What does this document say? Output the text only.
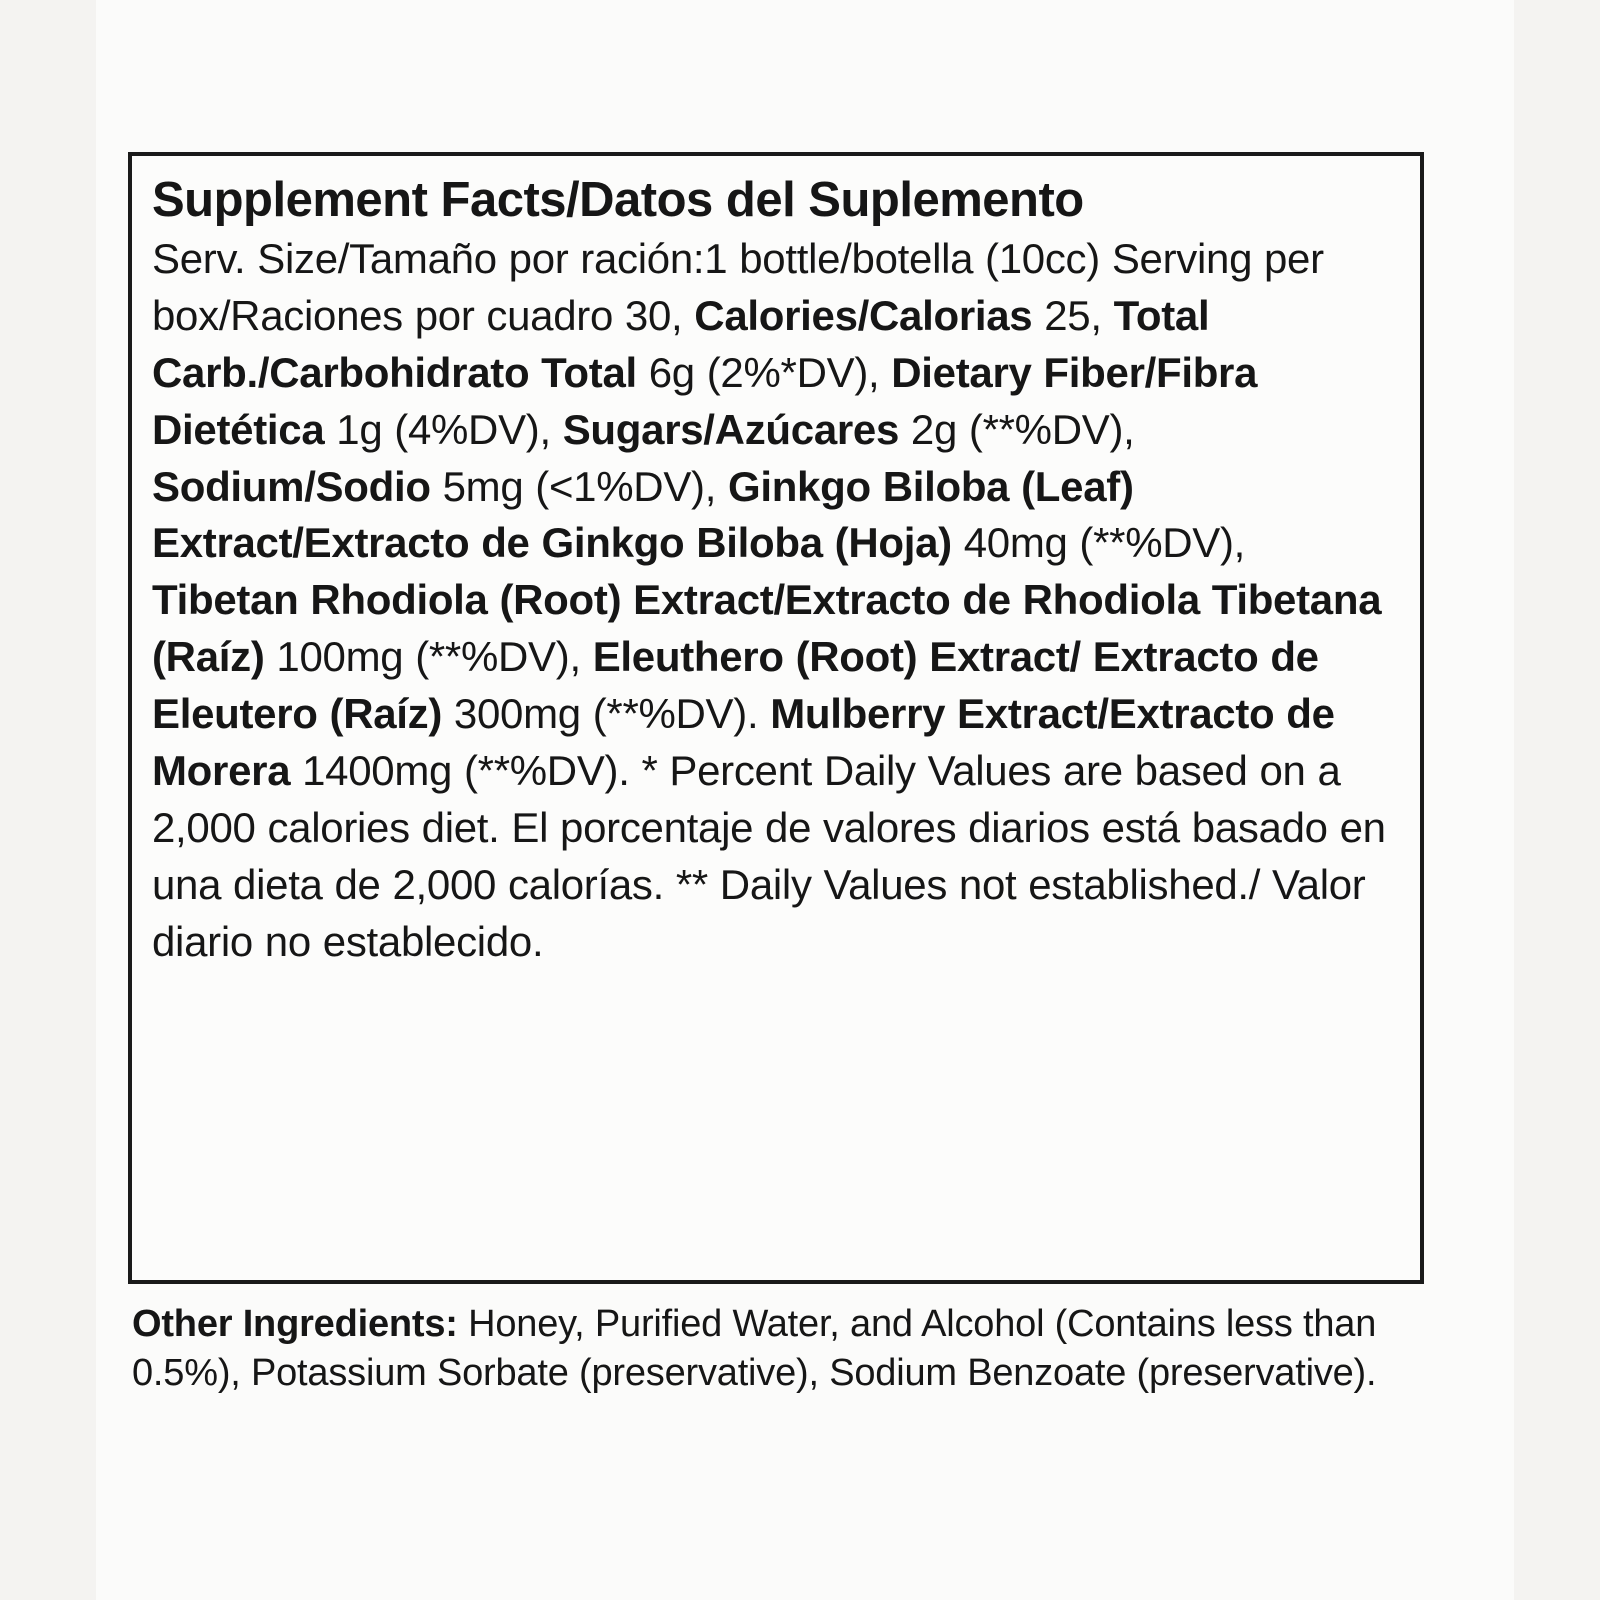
Supplement Facts/Datos del Suplemento
Serv. Size/Tamaño por ración:1 bottle/botella (10cc) Serving per box/Raciones por cuadro 30, Calories/Calorias 25, Total Carb./Carbohidrato Total 6g (2%*DV), Dietary Fiber/Fibra Dietética 1g (4%DV), Sugars/Azúcares 2g (**%DV), Sodium/Sodio 5mg (<1%DV), Ginkgo Biloba (Leaf) Extract/Extracto de Ginkgo Biloba (Hoja) 40mg (**%DV), Tibetan Rhodiola (Root) Extract/Extracto de Rhodiola Tibetana (Raíz) 100mg (**%DV), Eleuthero (Root) Extract/ Extracto de Eleutero (Raíz) 300mg (**%DV). Mulberry Extract/Extracto de Morera 1400mg (**%DV). * Percent Daily Values are based on a 2,000 calories diet. El porcentaje de valores diarios está basado en una dieta de 2,000 calorías. ** Daily Values not established./ Valor diario no establecido.
Other Ingredients: Honey, Purified Water, and Alcohol (Contains less than 0.5%), Potassium Sorbate (preservative), Sodium Benzoate (preservative).
